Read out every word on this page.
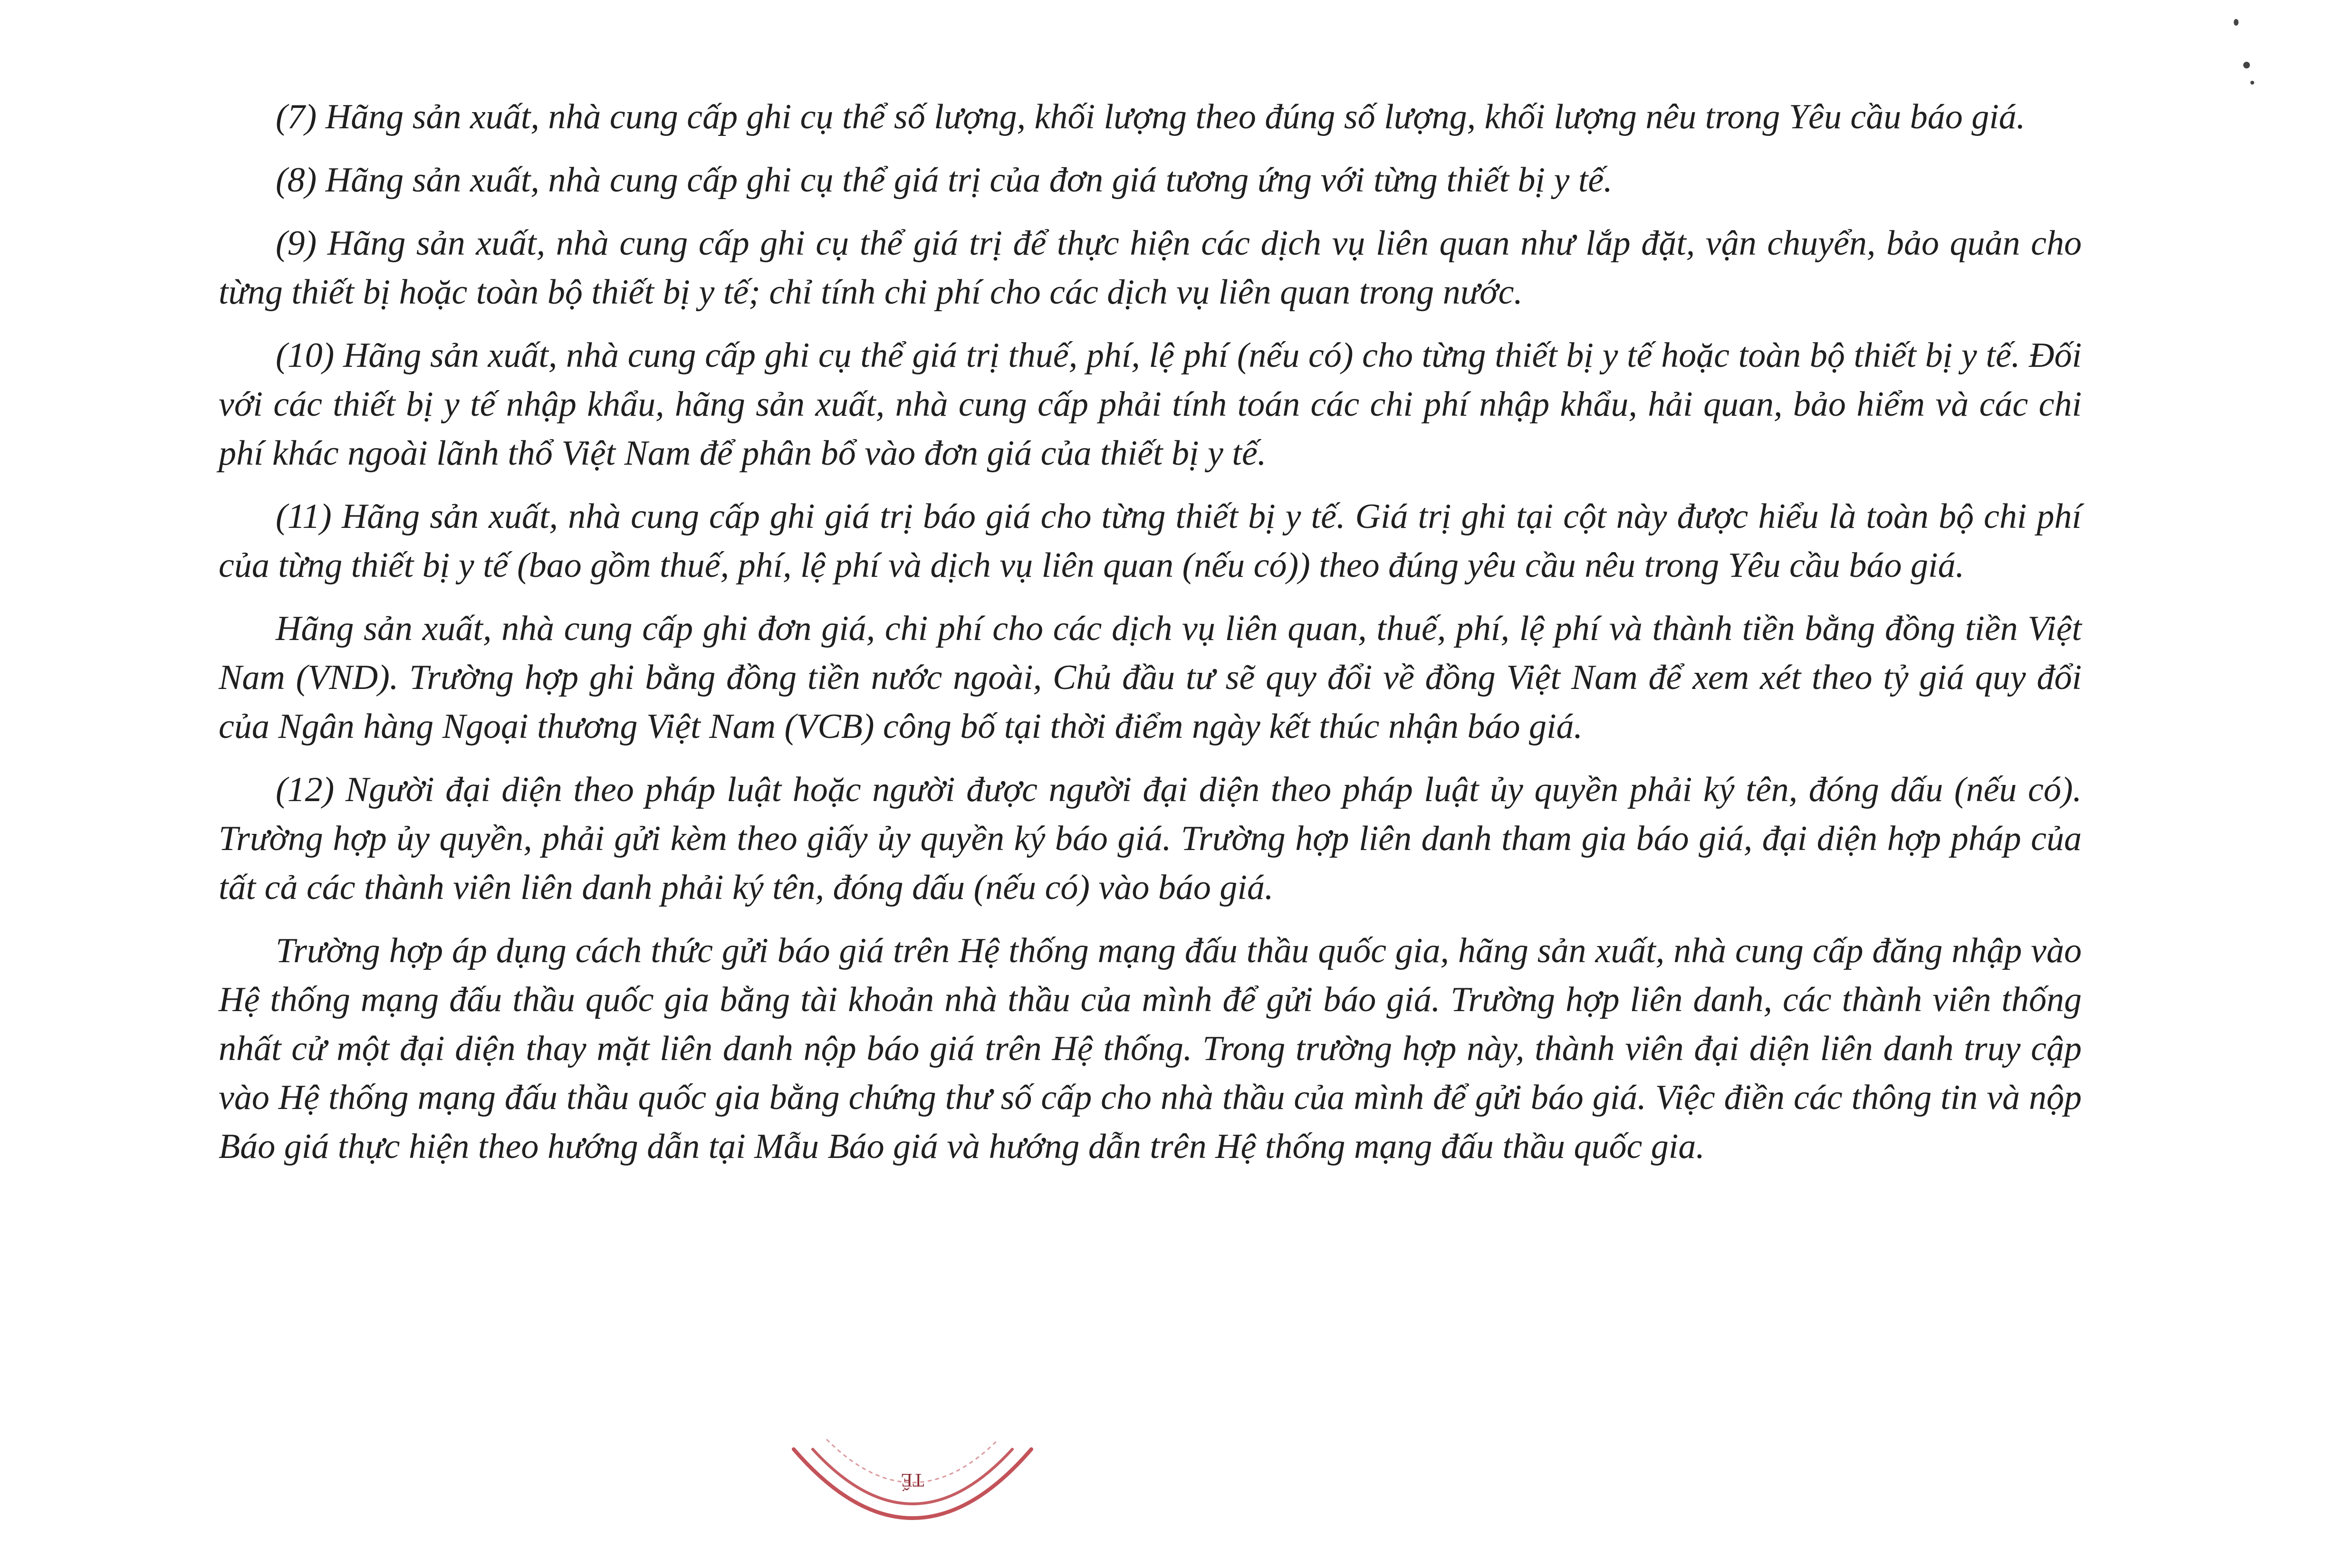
(7) Hãng sản xuất, nhà cung cấp ghi cụ thể số lượng, khối lượng theo đúng số lượng, khối lượng nêu trong Yêu cầu báo giá.

(8) Hãng sản xuất, nhà cung cấp ghi cụ thể giá trị của đơn giá tương ứng với từng thiết bị y tế.

(9) Hãng sản xuất, nhà cung cấp ghi cụ thể giá trị để thực hiện các dịch vụ liên quan như lắp đặt, vận chuyển, bảo quản cho từng thiết bị hoặc toàn bộ thiết bị y tế; chỉ tính chi phí cho các dịch vụ liên quan trong nước.

(10) Hãng sản xuất, nhà cung cấp ghi cụ thể giá trị thuế, phí, lệ phí (nếu có) cho từng thiết bị y tế hoặc toàn bộ thiết bị y tế. Đối với các thiết bị y tế nhập khẩu, hãng sản xuất, nhà cung cấp phải tính toán các chi phí nhập khẩu, hải quan, bảo hiểm và các chi phí khác ngoài lãnh thổ Việt Nam để phân bổ vào đơn giá của thiết bị y tế.

(11) Hãng sản xuất, nhà cung cấp ghi giá trị báo giá cho từng thiết bị y tế. Giá trị ghi tại cột này được hiểu là toàn bộ chi phí của từng thiết bị y tế (bao gồm thuế, phí, lệ phí và dịch vụ liên quan (nếu có)) theo đúng yêu cầu nêu trong Yêu cầu báo giá.

Hãng sản xuất, nhà cung cấp ghi đơn giá, chi phí cho các dịch vụ liên quan, thuế, phí, lệ phí và thành tiền bằng đồng tiền Việt Nam (VND). Trường hợp ghi bằng đồng tiền nước ngoài, Chủ đầu tư sẽ quy đổi về đồng Việt Nam để xem xét theo tỷ giá quy đổi của Ngân hàng Ngoại thương Việt Nam (VCB) công bố tại thời điểm ngày kết thúc nhận báo giá.

(12) Người đại diện theo pháp luật hoặc người được người đại diện theo pháp luật ủy quyền phải ký tên, đóng dấu (nếu có). Trường hợp ủy quyền, phải gửi kèm theo giấy ủy quyền ký báo giá. Trường hợp liên danh tham gia báo giá, đại diện hợp pháp của tất cả các thành viên liên danh phải ký tên, đóng dấu (nếu có) vào báo giá.

Trường hợp áp dụng cách thức gửi báo giá trên Hệ thống mạng đấu thầu quốc gia, hãng sản xuất, nhà cung cấp đăng nhập vào Hệ thống mạng đấu thầu quốc gia bằng tài khoản nhà thầu của mình để gửi báo giá. Trường hợp liên danh, các thành viên thống nhất cử một đại diện thay mặt liên danh nộp báo giá trên Hệ thống. Trong trường hợp này, thành viên đại diện liên danh truy cập vào Hệ thống mạng đấu thầu quốc gia bằng chứng thư số cấp cho nhà thầu của mình để gửi báo giá. Việc điền các thông tin và nộp Báo giá thực hiện theo hướng dẫn tại Mẫu Báo giá và hướng dẫn trên Hệ thống mạng đấu thầu quốc gia.

TẾ
